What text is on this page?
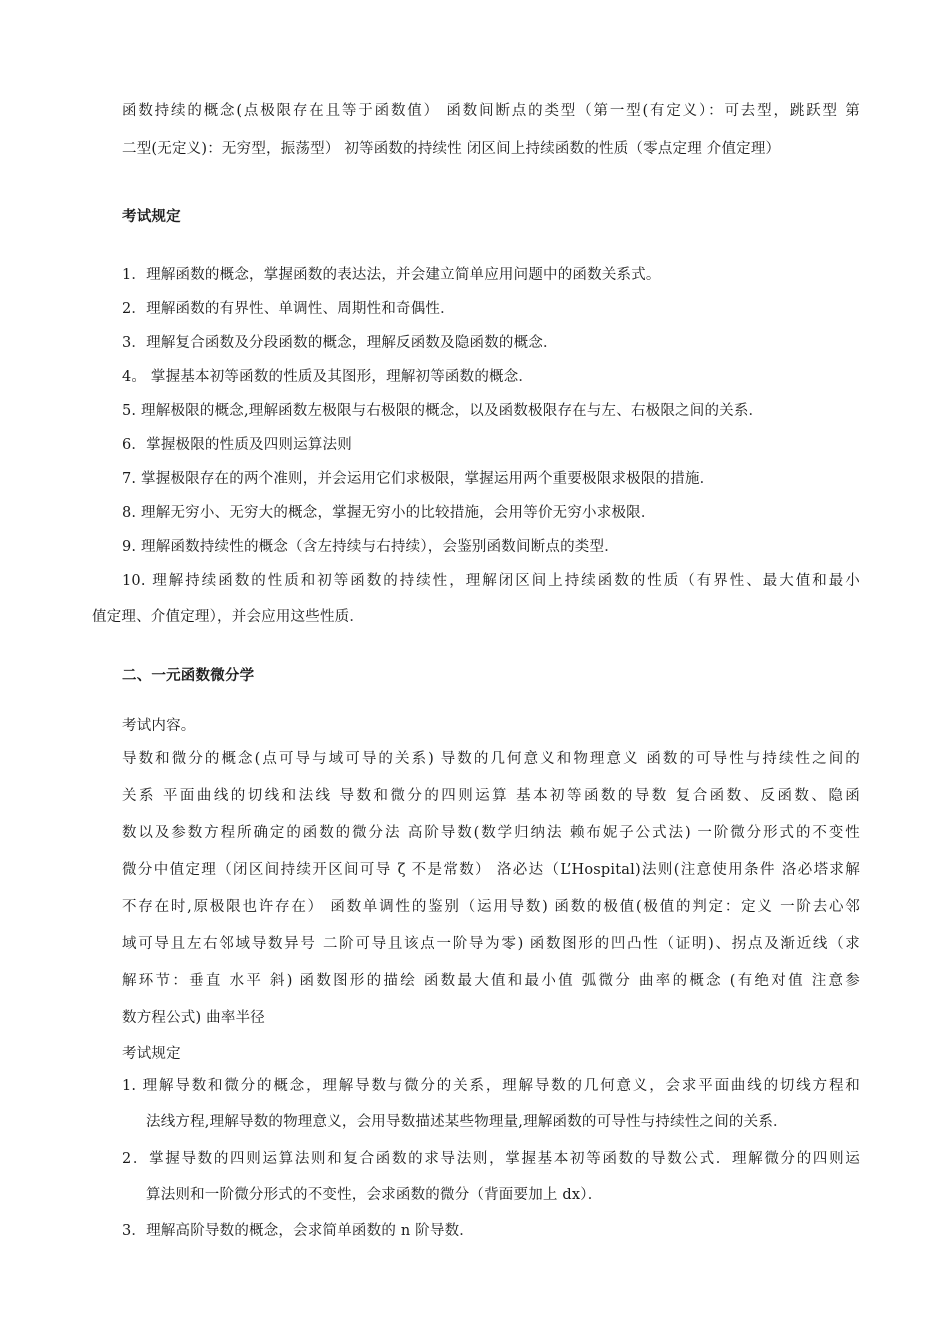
函数持续的概念(点极限存在且等于函数值） 函数间断点的类型（第一型(有定义）：可去型，跳跃型 第
二型(无定义)：无穷型，振荡型） 初等函数的持续性 闭区间上持续函数的性质（零点定理 介值定理）
考试规定
1．理解函数的概念，掌握函数的表达法，并会建立简单应用问题中的函数关系式。
2．理解函数的有界性、单调性、周期性和奇偶性．
3．理解复合函数及分段函数的概念，理解反函数及隐函数的概念．
4。 掌握基本初等函数的性质及其图形，理解初等函数的概念．
5. 理解极限的概念,理解函数左极限与右极限的概念，以及函数极限存在与左、右极限之间的关系．
6．掌握极限的性质及四则运算法则
7. 掌握极限存在的两个准则，并会运用它们求极限，掌握运用两个重要极限求极限的措施．
8. 理解无穷小、无穷大的概念，掌握无穷小的比较措施，会用等价无穷小求极限．
9. 理解函数持续性的概念（含左持续与右持续），会鉴别函数间断点的类型．
10. 理解持续函数的性质和初等函数的持续性，理解闭区间上持续函数的性质（有界性、最大值和最小
值定理、介值定理），并会应用这些性质．
二、一元函数微分学
考试内容。
导数和微分的概念(点可导与域可导的关系) 导数的几何意义和物理意义 函数的可导性与持续性之间的
关系 平面曲线的切线和法线 导数和微分的四则运算 基本初等函数的导数 复合函数、反函数、隐函
数以及参数方程所确定的函数的微分法 高阶导数(数学归纳法 赖布妮子公式法) 一阶微分形式的不变性
微分中值定理（闭区间持续开区间可导 ζ 不是常数） 洛必达（L’Hospital)法则(注意使用条件 洛必塔求解
不存在时,原极限也许存在） 函数单调性的鉴别（运用导数) 函数的极值(极值的判定：定义 一阶去心邻
域可导且左右邻域导数异号 二阶可导且该点一阶导为零) 函数图形的凹凸性（证明)、拐点及渐近线（求
解环节：垂直 水平 斜) 函数图形的描绘 函数最大值和最小值 弧微分 曲率的概念 (有绝对值 注意参
数方程公式) 曲率半径
考试规定
1. 理解导数和微分的概念，理解导数与微分的关系，理解导数的几何意义，会求平面曲线的切线方程和
法线方程,理解导数的物理意义，会用导数描述某些物理量,理解函数的可导性与持续性之间的关系．
2．掌握导数的四则运算法则和复合函数的求导法则，掌握基本初等函数的导数公式．理解微分的四则运
算法则和一阶微分形式的不变性，会求函数的微分（背面要加上 dx）．
3．理解高阶导数的概念，会求简单函数的 n 阶导数．
